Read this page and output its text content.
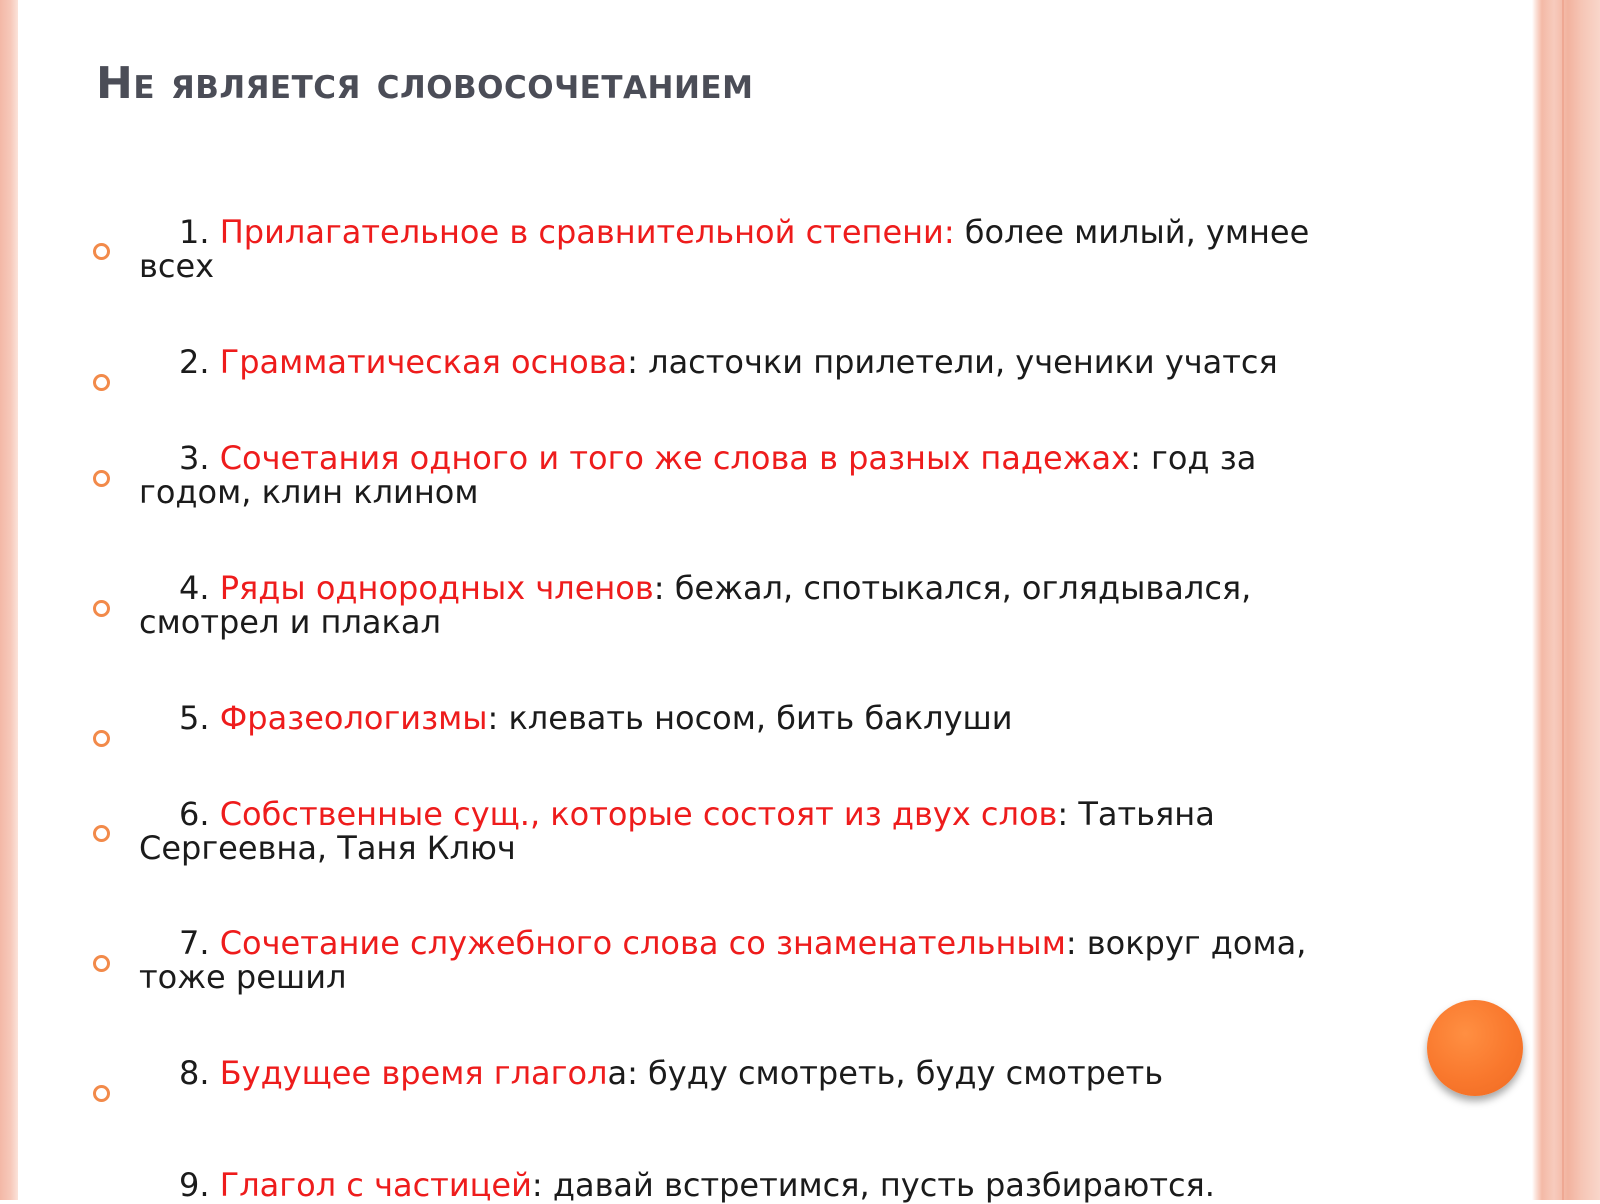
Не является словосочетанием
1. Прилагательное в сравнительной степени: более милый, умнее всех
2. Грамматическая основа: ласточки прилетели, ученики учатся
3. Сочетания одного и того же слова в разных падежах: год за годом, клин клином
4. Ряды однородных членов: бежал, спотыкался, оглядывался, смотрел и плакал
5. Фразеологизмы: клевать носом, бить баклуши
6. Собственные сущ., которые состоят из двух слов: Татьяна Сергеевна, Таня Ключ
7. Сочетание служебного слова со знаменательным: вокруг дома, тоже решил
8. Будущее время глагола: буду смотреть, буду смотреть
9. Глагол с частицей: давай встретимся, пусть разбираются.
